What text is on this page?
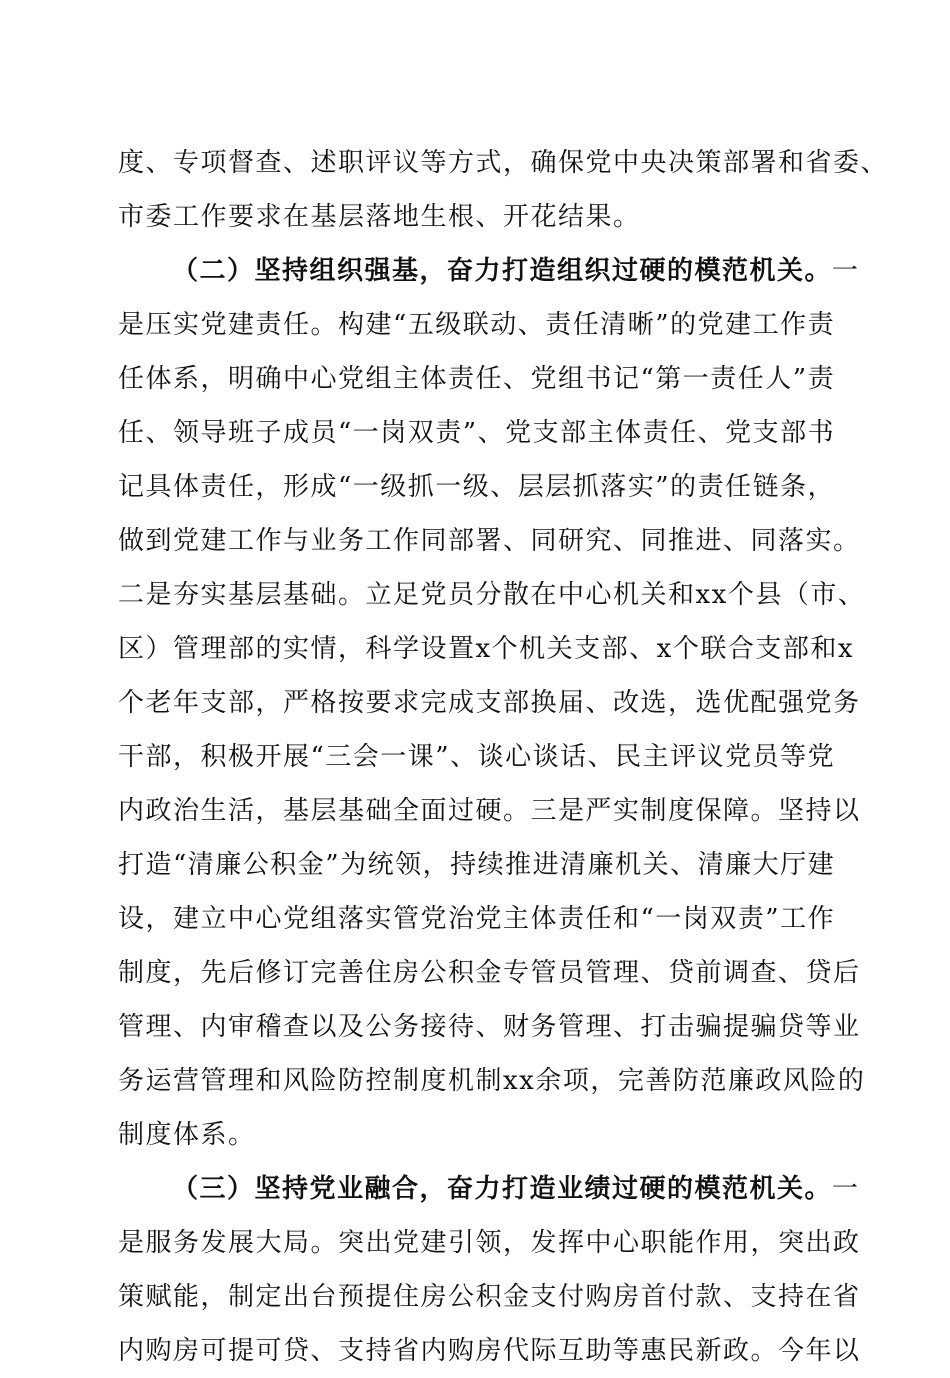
度、专项督查、述职评议等方式，确保党中央决策部署和省委、
市委工作要求在基层落地生根、开花结果。
（二）坚持组织强基，奋力打造组织过硬的模范机关。一
是压实党建责任。构建“五级联动、责任清晰”的党建工作责
任体系，明确中心党组主体责任、党组书记“第一责任人”责
任、领导班子成员“一岗双责”、党支部主体责任、党支部书
记具体责任，形成“一级抓一级、层层抓落实”的责任链条，
做到党建工作与业务工作同部署、同研究、同推进、同落实。
二是夯实基层基础。立足党员分散在中心机关和xx个县（市、
区）管理部的实情，科学设置x个机关支部、x个联合支部和x
个老年支部，严格按要求完成支部换届、改选，选优配强党务
干部，积极开展“三会一课”、谈心谈话、民主评议党员等党
内政治生活，基层基础全面过硬。三是严实制度保障。坚持以
打造“清廉公积金”为统领，持续推进清廉机关、清廉大厅建
设，建立中心党组落实管党治党主体责任和“一岗双责”工作
制度，先后修订完善住房公积金专管员管理、贷前调查、贷后
管理、内审稽查以及公务接待、财务管理、打击骗提骗贷等业
务运营管理和风险防控制度机制xx余项，完善防范廉政风险的
制度体系。
（三）坚持党业融合，奋力打造业绩过硬的模范机关。一
是服务发展大局。突出党建引领，发挥中心职能作用，突出政
策赋能，制定出台预提住房公积金支付购房首付款、支持在省
内购房可提可贷、支持省内购房代际互助等惠民新政。今年以
